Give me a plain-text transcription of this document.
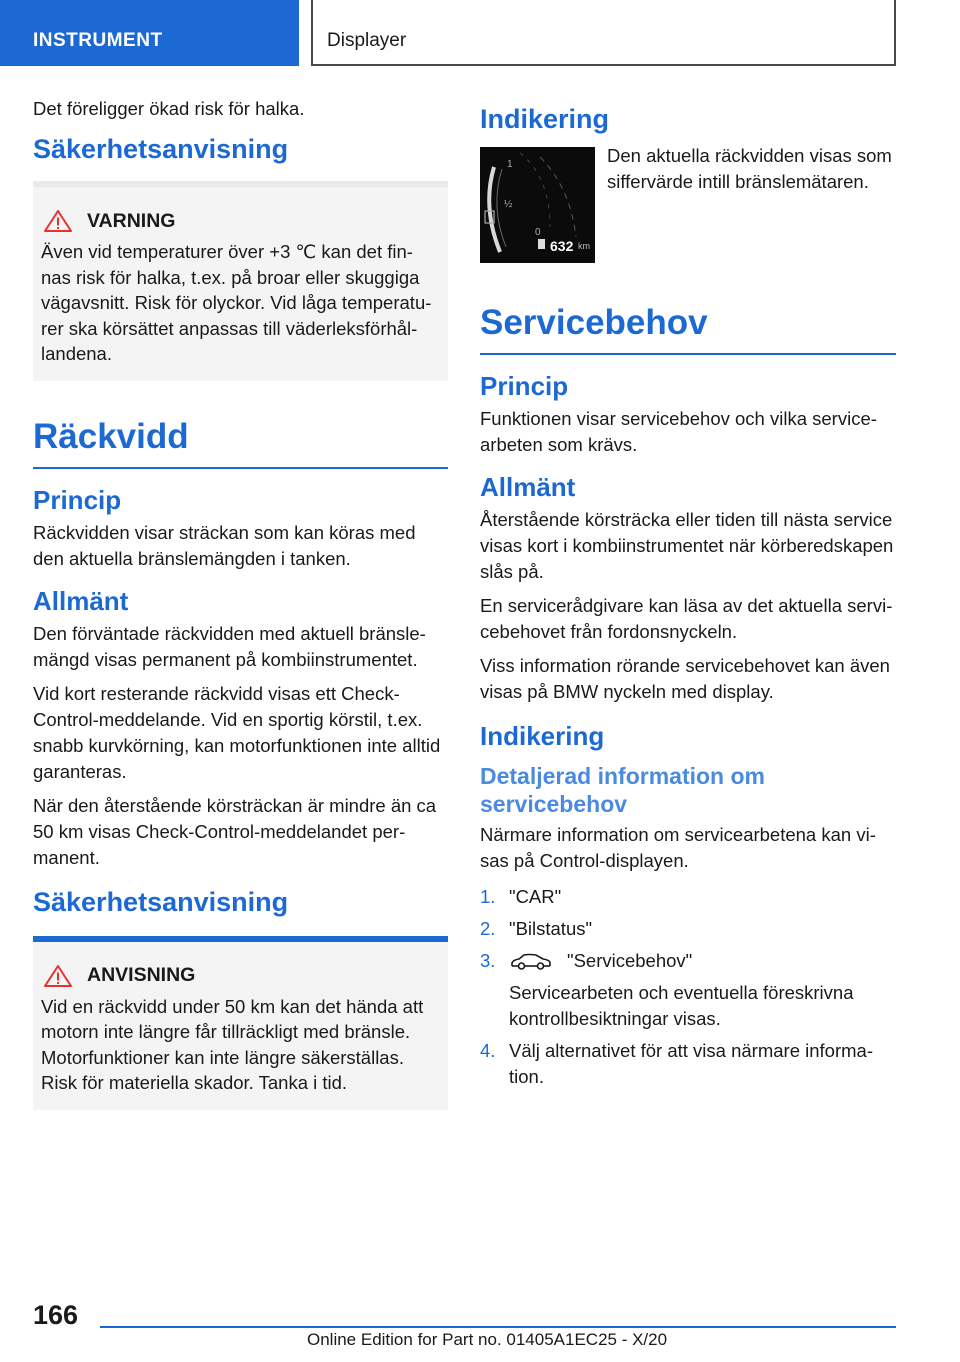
INSTRUMENT	Displayer

Det föreligger ökad risk för halka.

Säkerhetsanvisning
VARNING

Även vid temperaturer över +3 ℃ kan det finnas risk för halka, t.ex. på broar eller skuggiga vägavsnitt. Risk för olyckor. Vid låga temperaturer ska körsättet anpassas till väderleksförhållandena.

Räckvidd
Princip

Räckvidden visar sträckan som kan köras med den aktuella bränslemängden i tanken.

Allmänt

Den förväntade räckvidden med aktuell bränslemängd visas permanent på kombiinstrumentet.

Vid kort resterande räckvidd visas ett Check-Control-meddelande. Vid en sportig körstil, t.ex. snabb kurvkörning, kan motorfunktionen inte alltid garanteras.

När den återstående körsträckan är mindre än ca 50 km visas Check-Control-meddelandet permanent.

Säkerhetsanvisning
ANVISNING

Vid en räckvidd under 50 km kan det hända att motorn inte längre får tillräckligt med bränsle. Motorfunktioner kan inte längre säkerställas. Risk för materiella skador. Tanka i tid.

Indikering
1
½
0
632 km

Den aktuella räckvidden visas som siffervärde intill bränslemätaren.

Servicebehov
Princip

Funktionen visar servicebehov och vilka servicearbeten som krävs.

Allmänt

Återstående körsträcka eller tiden till nästa service visas kort i kombiinstrumentet när körberedskapen slås på.

En servicerådgivare kan läsa av det aktuella servicebehovet från fordonsnyckeln.

Viss information rörande servicebehovet kan även visas på BMW nyckeln med display.

Indikering
Detaljerad information om servicebehov

Närmare information om servicearbetena kan visas på Control-displayen.

1. "CAR"
2. "Bilstatus"
3.	"Servicebehov"
Servicearbeten och eventuella föreskrivna kontrollbesiktningar visas.
4. Välj alternativet för att visa närmare information.
166
Online Edition for Part no. 01405A1EC25 - X/20
